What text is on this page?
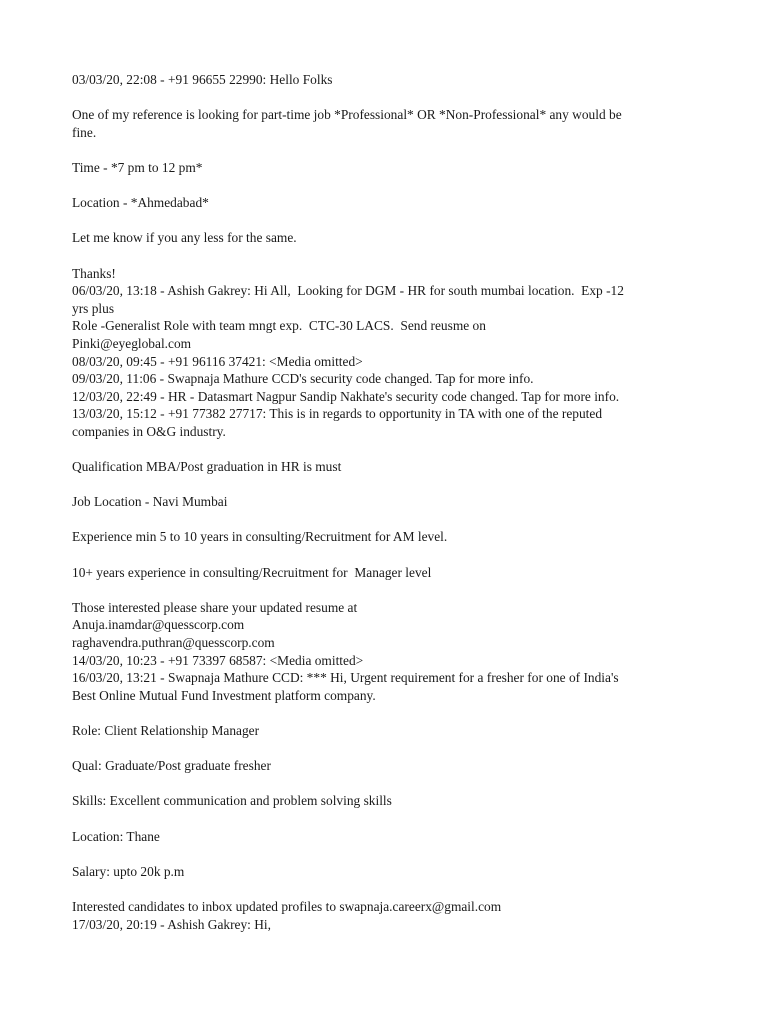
03/03/20, 22:08 - +91 96655 22990: Hello Folks
One of my reference is looking for part-time job *Professional* OR *Non-Professional* any would be
fine.
Time - *7 pm to 12 pm*
Location - *Ahmedabad*
Let me know if you any less for the same.
Thanks!
06/03/20, 13:18 - Ashish Gakrey: Hi All,  Looking for DGM - HR for south mumbai location.  Exp -12
yrs plus
Role -Generalist Role with team mngt exp.  CTC-30 LACS.  Send reusme on
Pinki@eyeglobal.com
08/03/20, 09:45 - +91 96116 37421: <Media omitted>
09/03/20, 11:06 - Swapnaja Mathure CCD's security code changed. Tap for more info.
12/03/20, 22:49 - HR - Datasmart Nagpur Sandip Nakhate's security code changed. Tap for more info.
13/03/20, 15:12 - +91 77382 27717: This is in regards to opportunity in TA with one of the reputed
companies in O&G industry.
Qualification MBA/Post graduation in HR is must
Job Location - Navi Mumbai
Experience min 5 to 10 years in consulting/Recruitment for AM level.
10+ years experience in consulting/Recruitment for  Manager level
Those interested please share your updated resume at
Anuja.inamdar@quesscorp.com
raghavendra.puthran@quesscorp.com
14/03/20, 10:23 - +91 73397 68587: <Media omitted>
16/03/20, 13:21 - Swapnaja Mathure CCD: *** Hi, Urgent requirement for a fresher for one of India's
Best Online Mutual Fund Investment platform company.
Role: Client Relationship Manager
Qual: Graduate/Post graduate fresher
Skills: Excellent communication and problem solving skills
Location: Thane
Salary: upto 20k p.m
Interested candidates to inbox updated profiles to swapnaja.careerx@gmail.com
17/03/20, 20:19 - Ashish Gakrey: Hi,
